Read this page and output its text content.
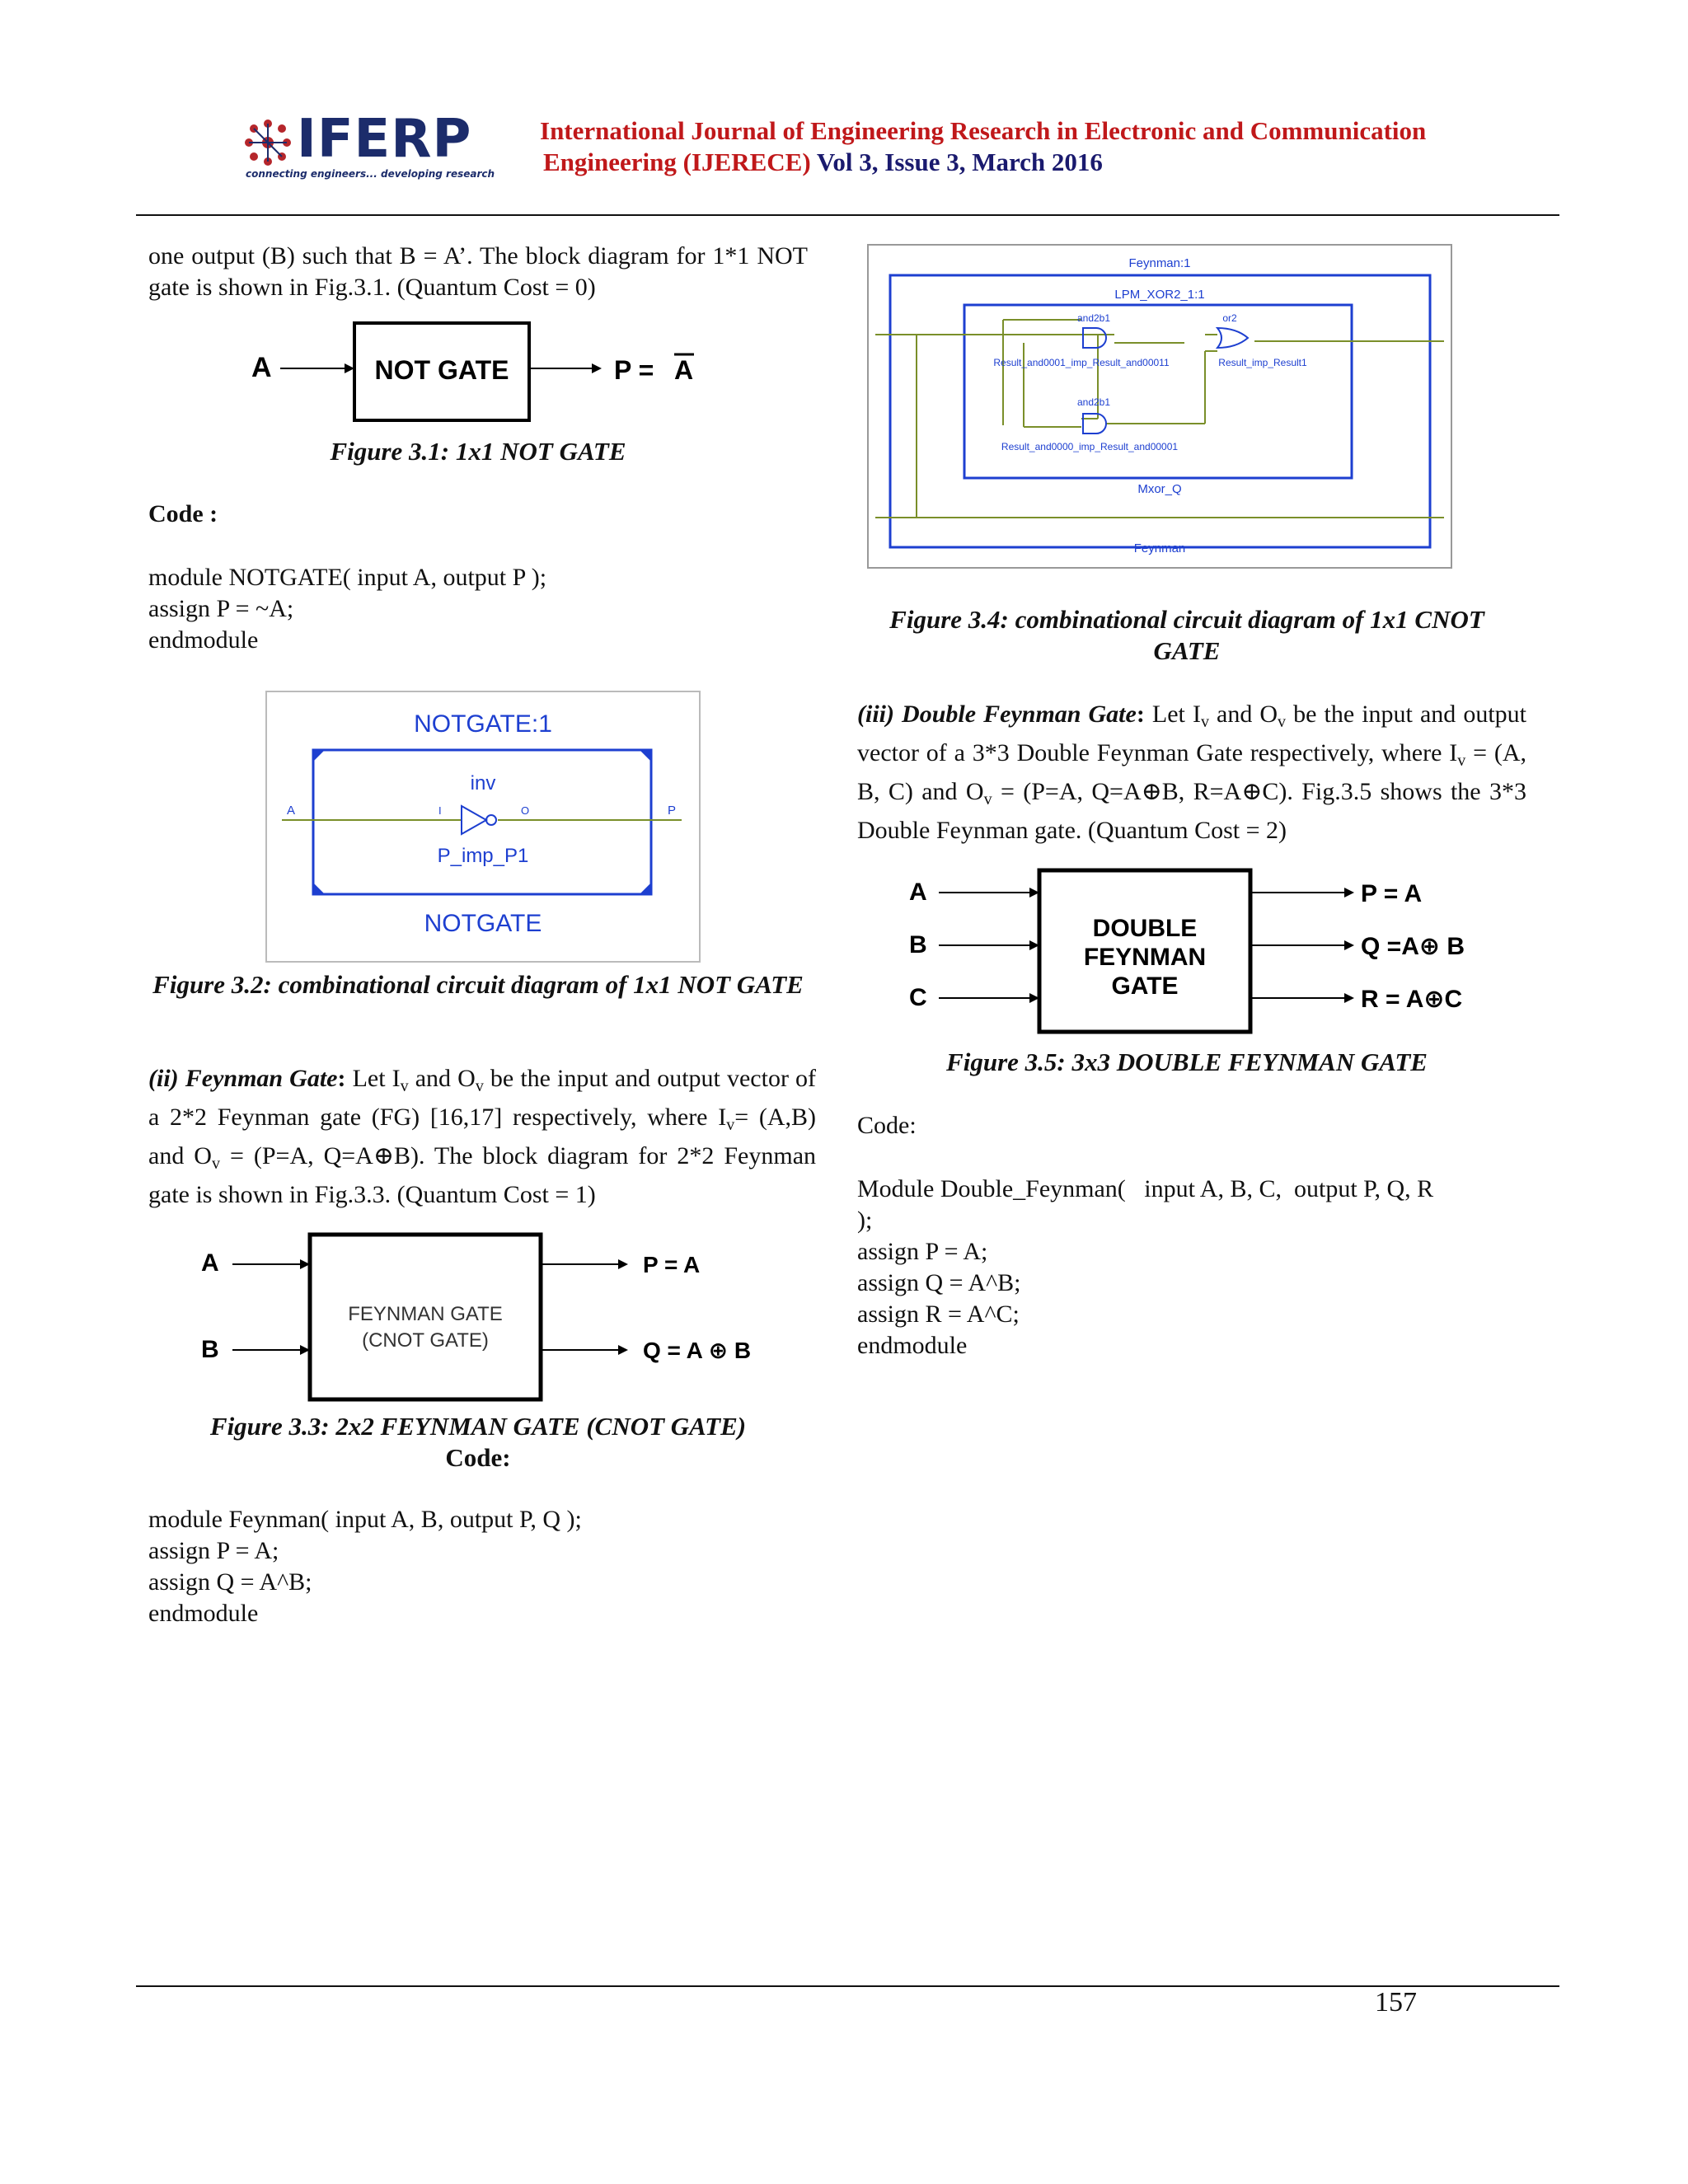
IFERP
connecting engineers... developing research
International Journal of Engineering Research in Electronic and Communication
Engineering (IJERECE) Vol 3, Issue 3, March 2016
one output (B) such that B = A’. The block diagram for 1*1 NOT gate is shown in Fig.3.1. (Quantum Cost = 0)
A	NOT GATE	P = A
Figure 3.1: 1x1 NOT GATE
Code :
module NOTGATE( input A, output P );
assign P = ~A;
endmodule
NOTGATE:1
inv
A	I	O	P
P_imp_P1
NOTGATE
Figure 3.2: combinational circuit diagram of 1x1 NOT GATE
(ii) Feynman Gate: Let $I_v$ and $O_v$ be the input and output vector of a 2*2 Feynman gate (FG) [16,17] respectively, where $I_v= (A,B)$ and $O_v = (P=A$, Q=A⊕B). The block diagram for 2*2 Feynman gate is shown in Fig.3.3. (Quantum Cost = 1)
A
B
FEYNMAN GATE
(CNOT GATE)
P = A
Q = A ⊕ B
Figure 3.3: 2x2 FEYNMAN GATE (CNOT GATE)
Code:
module Feynman( input A, B, output P, Q );
assign P = A;
assign Q = A^B;
endmodule
Feynman:1
LPM_XOR2_1:1
and2b1	or2
Result_and0001_imp_Result_and00011	Result_imp_Result1
and2b1
Result_and0000_imp_Result_and00001
Mxor_Q
Feynman
Figure 3.4: combinational circuit diagram of 1x1 CNOT GATE
(iii) Double Feynman Gate: Let $I_v$ and $O_v$ be the input and output vector of a 3*3 Double Feynman Gate respectively, where $I_v = (A$, B, C) and $O_v = (P=A$, Q=A⊕B, R=A⊕C). Fig.3.5 shows the 3*3 Double Feynman gate. (Quantum Cost = 2)
A
B
C
DOUBLE
FEYNMAN
GATE
P = A
Q =A⊕ B
R = A⊕C
Figure 3.5: 3x3 DOUBLE FEYNMAN GATE
Code:
Module Double_Feynman(   input A, B, C,  output P, Q, R
);
assign P = A;
assign Q = A^B;
assign R = A^C;
endmodule
157
